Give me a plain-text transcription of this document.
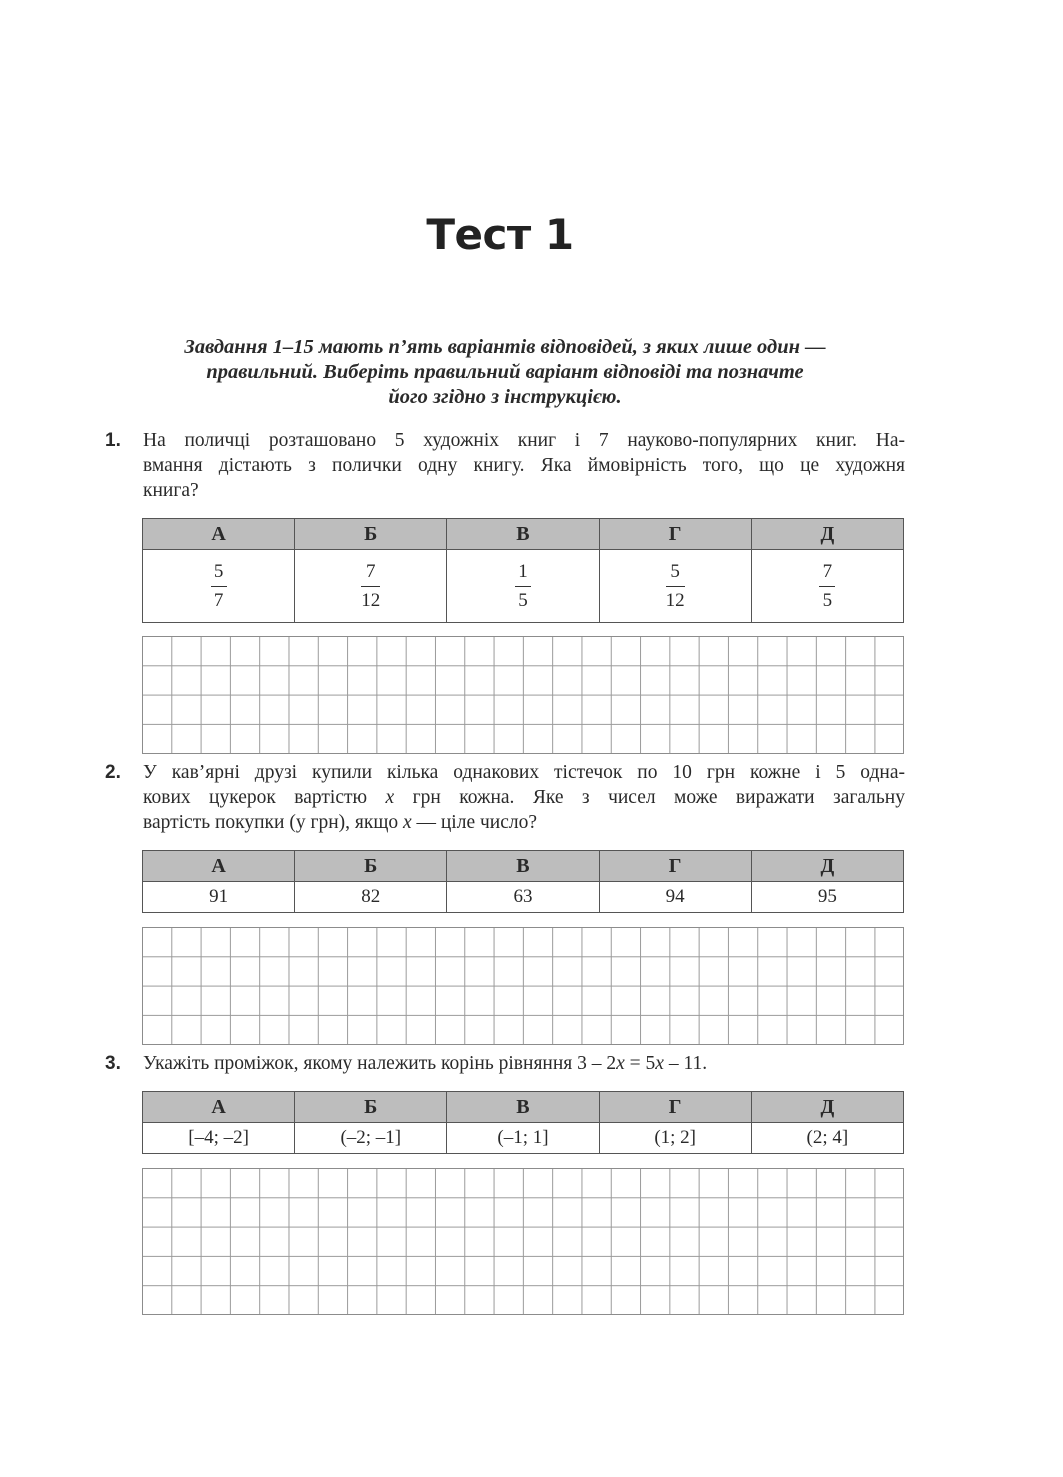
Тест 1
Завдання 1–15 мають п’ять варіантів відповідей, з яких лише один —
правильний. Виберіть правильний варіант відповіді та позначте
його згідно з інструкцією.
1. На поличці розташовано 5 художніх книг і 7 науково-популярних книг. На-
вмання дістають з полички одну книгу. Яка ймовірність того, що це художня
книга?
А	Б	В	Г	Д

$\frac{5}{7}$	$\frac{7}{12}$	$\frac{1}{5}$	$\frac{5}{12}$	$\frac{7}{5}$
2. У кав’ярні друзі купили кілька однакових тістечок по 10 грн кожне і 5 одна-
кових цукерок вартістю x грн кожна. Яке з чисел може виражати загальну
вартість покупки (у грн), якщо x — ціле число?
А	Б	В	Г	Д
91	82	63	94	95
3. Укажіть проміжок, якому належить корінь рівняння 3 – 2x = 5x – 11.
А	Б	В	Г	Д
[–4; –2]	(–2; –1]	(–1; 1]	(1; 2]	(2; 4]
